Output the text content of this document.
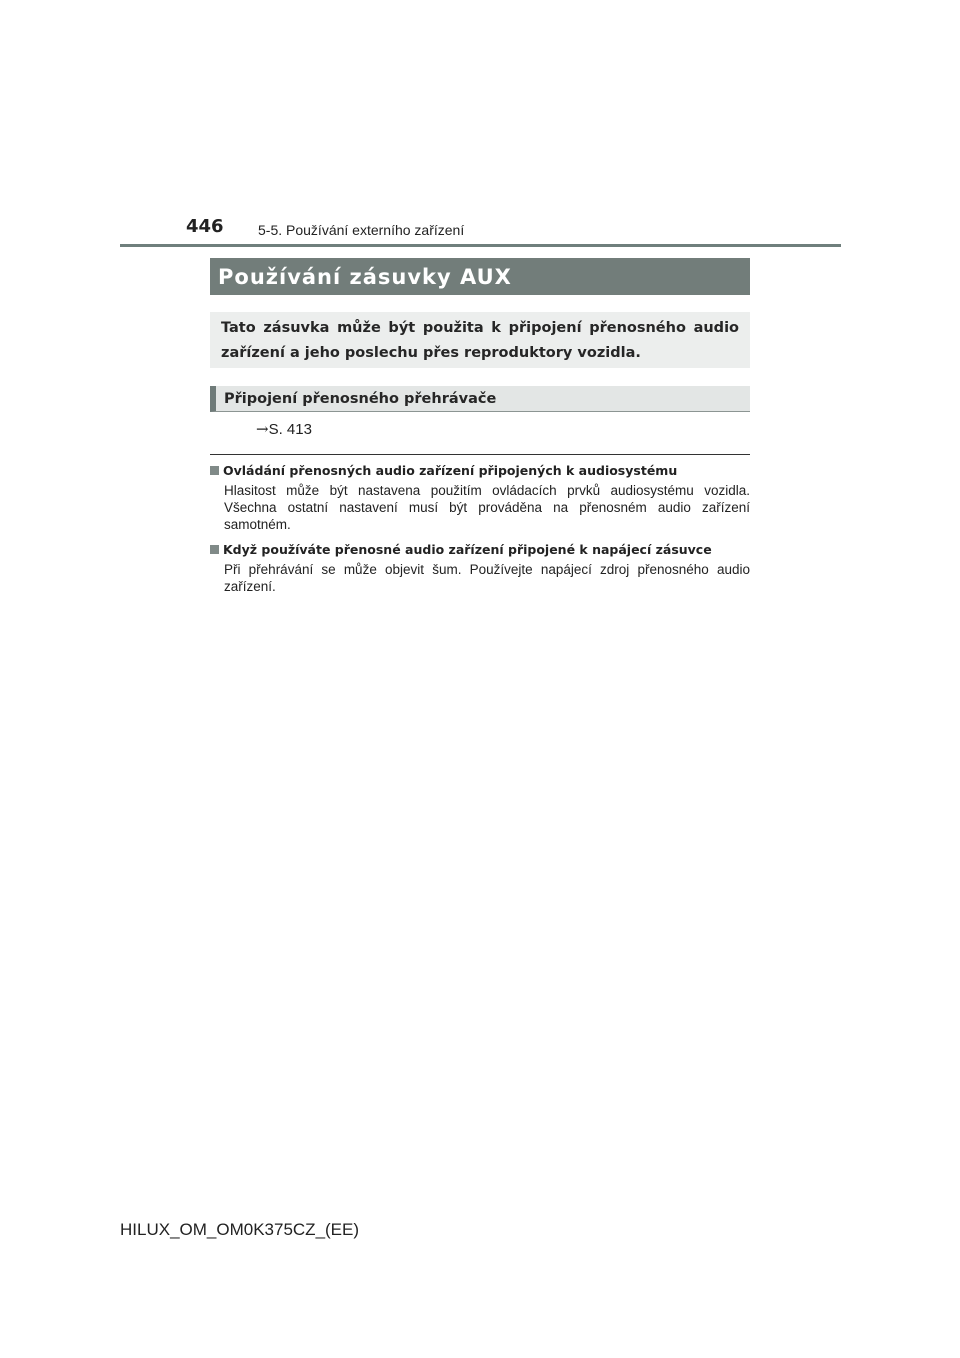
446 5-5. Používání externího zařízení
Používání zásuvky AUX

Tato zásuvka může být použita k připojení přenosného audio zařízení a jeho poslechu přes reproduktory vozidla.

Připojení přenosného přehrávače
→S. 413
Ovládání přenosných audio zařízení připojených k audiosystému
Hlasitost může být nastavena použitím ovládacích prvků audiosystému vozidla. Všechna ostatní nastavení musí být prováděna na přenosném audio zařízení samotném.
Když používáte přenosné audio zařízení připojené k napájecí zásuvce
Při přehrávání se může objevit šum. Používejte napájecí zdroj přenosného audio zařízení.
HILUX_OM_OM0K375CZ_(EE)
